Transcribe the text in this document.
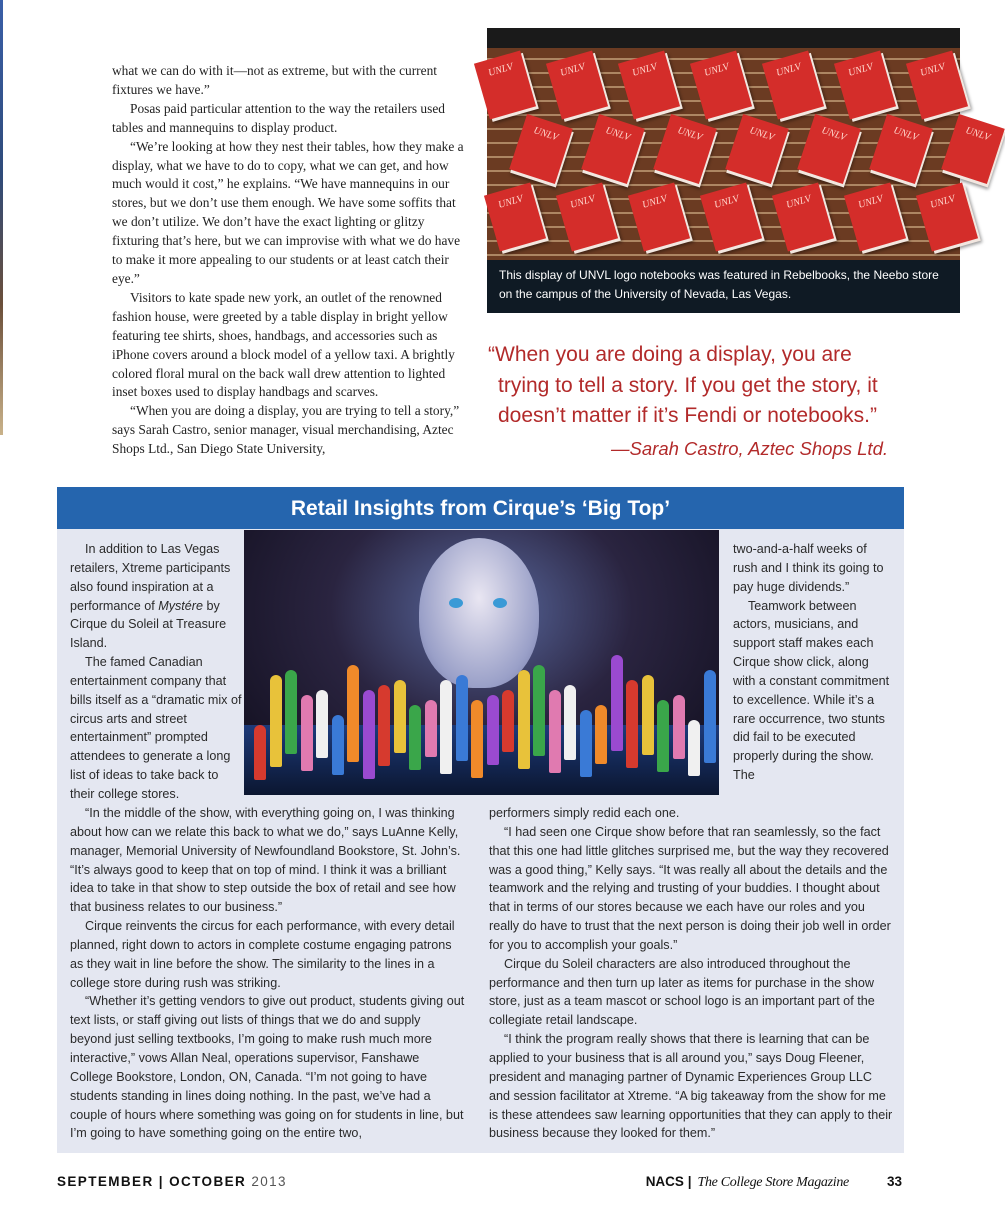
what we can do with it—not as extreme, but with the current fixtures we have.”

Posas paid particular attention to the way the retailers used tables and mannequins to display product.

“We’re looking at how they nest their tables, how they make a display, what we have to do to copy, what we can get, and how much would it cost,” he explains. “We have mannequins in our stores, but we don’t use them enough. We have some soffits that we don’t utilize. We don’t have the exact lighting or glitzy fixturing that’s here, but we can improvise with what we do have to make it more appealing to our students or at least catch their eye.”

Visitors to kate spade new york, an outlet of the renowned fashion house, were greeted by a table display in bright yellow featuring tee shirts, shoes, handbags, and accessories such as iPhone covers around a block model of a yellow taxi. A brightly colored floral mural on the back wall drew attention to lighted inset boxes used to display handbags and scarves.

“When you are doing a display, you are trying to tell a story,” says Sarah Castro, senior manager, visual merchandising, Aztec Shops Ltd., San Diego State University,

UNLV	UNLV	UNLV	UNLV	UNLV	UNLV	UNLV
UNLV	UNLV	UNLV	UNLV	UNLV	UNLV	UNLV
UNLV	UNLV	UNLV	UNLV	UNLV	UNLV	UNLV
This display of UNVL logo notebooks was featured in Rebelbooks, the Neebo store on the campus of the University of Nevada, Las Vegas.

“When you are doing a display, you are trying to tell a story. If you get the story, it doesn’t matter if it’s Fendi or notebooks.”

—Sarah Castro, Aztec Shops Ltd.
Retail Insights from Cirque’s ‘Big Top’

In addition to Las Vegas retailers, Xtreme participants also found inspiration at a performance of Mystére by Cirque du Soleil at Treasure Island.

The famed Canadian entertainment company that bills itself as a “dramatic mix of circus arts and street entertainment” prompted attendees to generate a long list of ideas to take back to their college stores.

“In the middle of the show, with everything going on, I was thinking about how can we relate this back to what we do,” says LuAnne Kelly, manager, Memorial University of Newfoundland Bookstore, St. John’s. “It’s always good to keep that on top of mind. I think it was a brilliant idea to take in that show to step outside the box of retail and see how that business relates to our business.”

Cirque reinvents the circus for each performance, with every detail planned, right down to actors in complete costume engaging patrons as they wait in line before the show. The similarity to the lines in a college store during rush was striking.

“Whether it’s getting vendors to give out product, students giving out text lists, or staff giving out lists of things that we do and supply beyond just selling textbooks, I’m going to make rush much more interactive,” vows Allan Neal, operations supervisor, Fanshawe College Bookstore, London, ON, Canada. “I’m not going to have students standing in lines doing nothing. In the past, we’ve had a couple of hours where something was going on for students in line, but I’m going to have something going on the entire two,

two-and-a-half weeks of rush and I think its going to pay huge dividends.”

Teamwork between actors, musicians, and support staff makes each Cirque show click, along with a constant commitment to excellence. While it’s a rare occurrence, two stunts did fail to be executed properly during the show. The

performers simply redid each one.

“I had seen one Cirque show before that ran seamlessly, so the fact that this one had little glitches surprised me, but the way they recovered was a good thing,” Kelly says. “It was really all about the details and the teamwork and the relying and trusting of your buddies. I thought about that in terms of our stores because we each have our roles and you really do have to trust that the next person is doing their job well in order for you to accomplish your goals.”

Cirque du Soleil characters are also introduced throughout the performance and then turn up later as items for purchase in the show store, just as a team mascot or school logo is an important part of the collegiate retail landscape.

“I think the program really shows that there is learning that can be applied to your business that is all around you,” says Doug Fleener, president and managing partner of Dynamic Experiences Group LLC and session facilitator at Xtreme. “A big takeaway from the show for me is these attendees saw learning opportunities that they can apply to their business because they looked for them.”

SEPTEMBER | OCTOBER 2013	NACS | The College Store Magazine	33
